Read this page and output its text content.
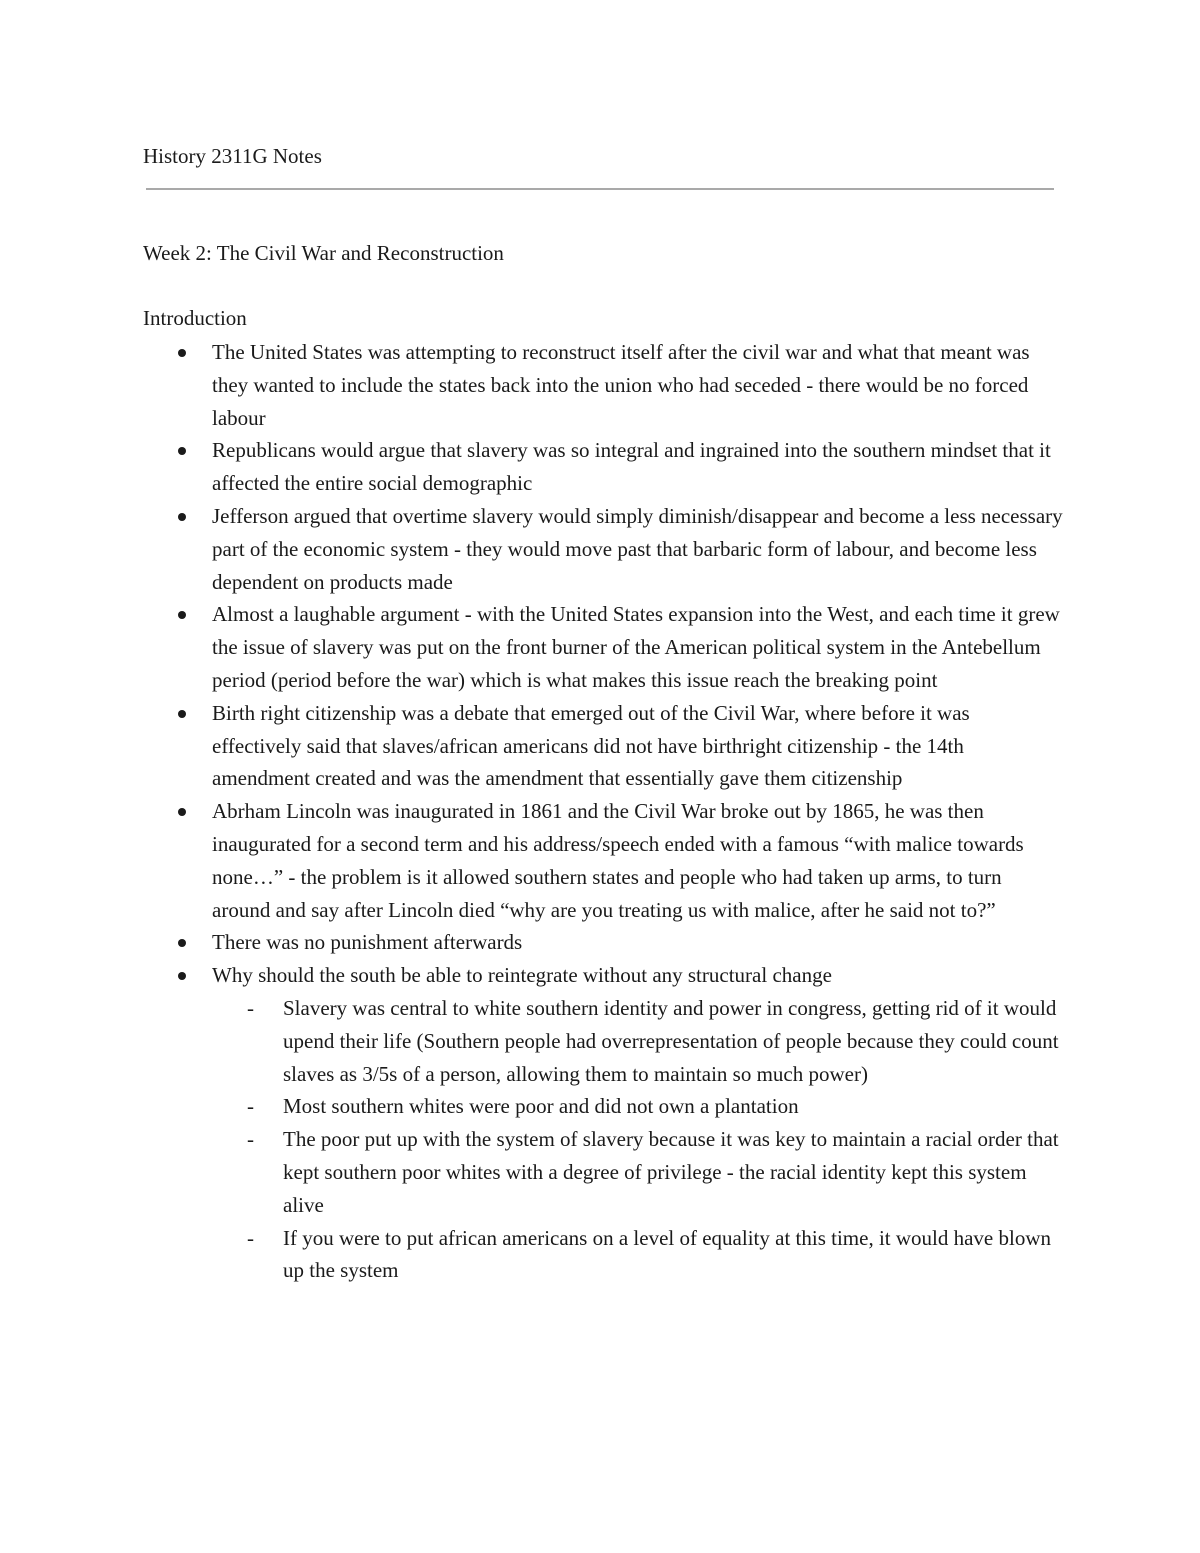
History 2311G Notes
Week 2: The Civil War and Reconstruction
Introduction
The United States was attempting to reconstruct itself after the civil war and what that meant was they wanted to include the states back into the union who had seceded - there would be no forced labour
Republicans would argue that slavery was so integral and ingrained into the southern mindset that it affected the entire social demographic
Jefferson argued that overtime slavery would simply diminish/disappear and become a less necessary part of the economic system - they would move past that barbaric form of labour, and become less dependent on products made
Almost a laughable argument - with the United States expansion into the West, and each time it grew the issue of slavery was put on the front burner of the American political system in the Antebellum period (period before the war) which is what makes this issue reach the breaking point
Birth right citizenship was a debate that emerged out of the Civil War, where before it was effectively said that slaves/african americans did not have birthright citizenship - the 14th amendment created and was the amendment that essentially gave them citizenship
Abrham Lincoln was inaugurated in 1861 and the Civil War broke out by 1865, he was then inaugurated for a second term and his address/speech ended with a famous “with malice towards none…” - the problem is it allowed southern states and people who had taken up arms, to turn around and say after Lincoln died “why are you treating us with malice, after he said not to?”
There was no punishment afterwards
Why should the south be able to reintegrate without any structural change
- Slavery was central to white southern identity and power in congress, getting rid of it would upend their life (Southern people had overrepresentation of people because they could count slaves as 3/5s of a person, allowing them to maintain so much power)
- Most southern whites were poor and did not own a plantation
- The poor put up with the system of slavery because it was key to maintain a racial order that kept southern poor whites with a degree of privilege - the racial identity kept this system alive
- If you were to put african americans on a level of equality at this time, it would have blown up the system
